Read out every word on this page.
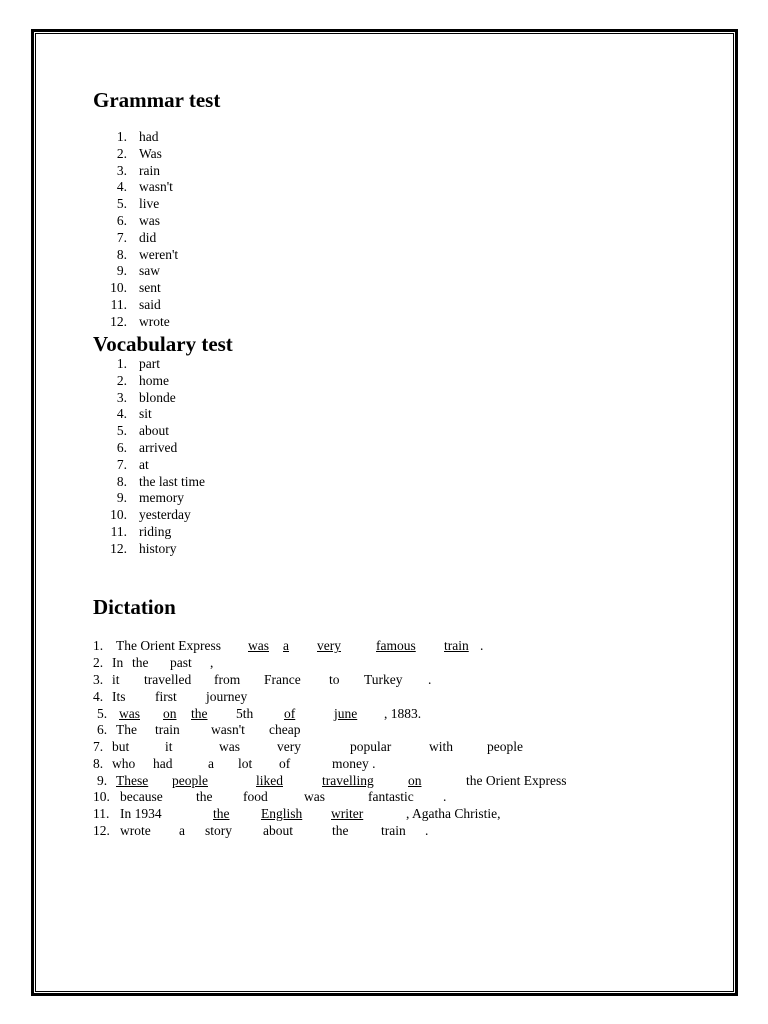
Grammar test
1. had
2. Was
3. rain
4. wasn't
5. live
6. was
7. did
8. weren't
9. saw
10. sent
11. said
12. wrote
Vocabulary test
1. part
2. home
3. blonde
4. sit
5. about
6. arrived
7. at
8. the last time
9. memory
10. yesterday
11. riding
12. history
Dictation
1. The Orient Express was a very	famous train .
2. In the past ,
3. it travelled from France to Turkey .
4. Its first journey
5. was on the 5th of	june , 1883.
6. The train wasn't cheap
7. but	it	was	very	popular	with	people
8. who had	a lot of	money .
9. These people	liked	travelling	on	the Orient Express
10. because the food	was	fantastic .
11. In 1934	the English writer	, Agatha Christie,
12. wrote a story about	the train .
